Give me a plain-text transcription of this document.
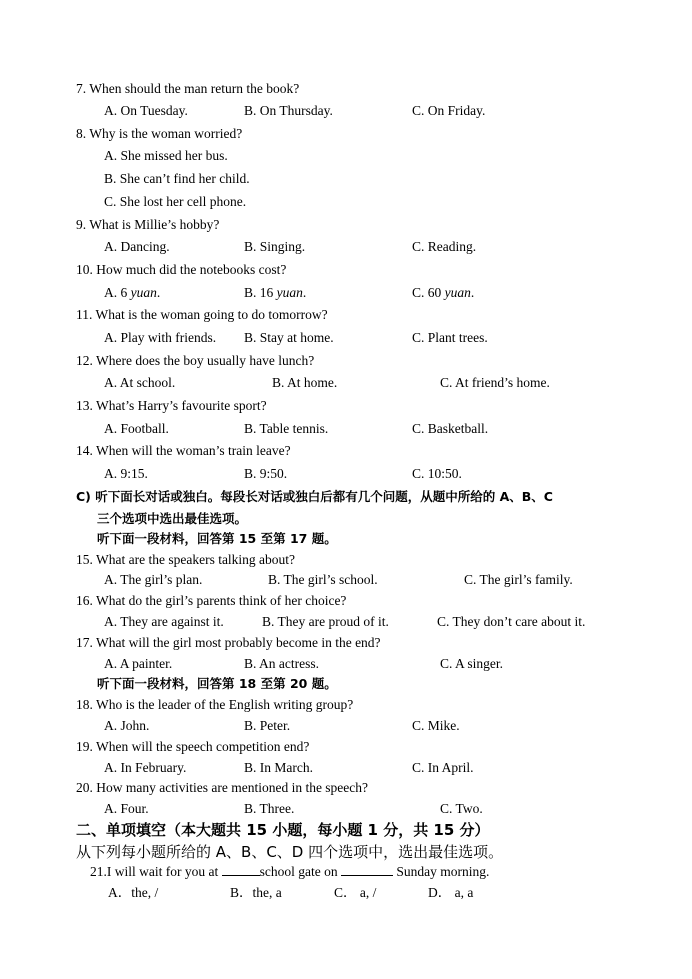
7. When should the man return the book?
A. On Tuesday.	B. On Thursday.	C. On Friday.
8. Why is the woman worried?
A. She missed her bus.
B. She can’t find her child.
C. She lost her cell phone.
9. What is Millie’s hobby?
A. Dancing.	B. Singing.	C. Reading.
10. How much did the notebooks cost?
A. 6 yuan.	B. 16 yuan.	C. 60 yuan.
11. What is the woman going to do tomorrow?
A. Play with friends. B. Stay at home.	C. Plant trees.
12. Where does the boy usually have lunch?
A. At school.	B. At home.	C. At friend’s home.
13. What’s Harry’s favourite sport?
A. Football.	B. Table tennis.	C. Basketball.
14. When will the woman’s train leave?
A. 9:15.	B. 9:50.	C. 10:50.
C) 听下面长对话或独白。每段长对话或独白后都有几个问题，从题中所给的 A、B、C
三个选项中选出最佳选项。
听下面一段材料，回答第 15 至第 17 题。
15. What are the speakers talking about?
A. The girl’s plan.	B. The girl’s school.	C. The girl’s family.
16. What do the girl’s parents think of her choice?
A. They are against it.	B. They are proud of it.	C. They don’t care about it.
17. What will the girl most probably become in the end?
A. A painter.	B. An actress.	C. A singer.
听下面一段材料，回答第 18 至第 20 题。
18. Who is the leader of the English writing group?
A. John.	B. Peter.	C. Mike.
19. When will the speech competition end?
A. In February.	B. In March.	C. In April.
20. How many activities are mentioned in the speech?
A. Four.	B. Three.	C. Two.
二、单项填空（本大题共 15 小题，每小题 1 分，共 15 分）
从下列每小题所给的 A、B、C、D 四个选项中，选出最佳选项。
21.I will wait for you at	school gate on	Sunday morning.
A．the, /	B．the, a	C． a, /	D． a, a
